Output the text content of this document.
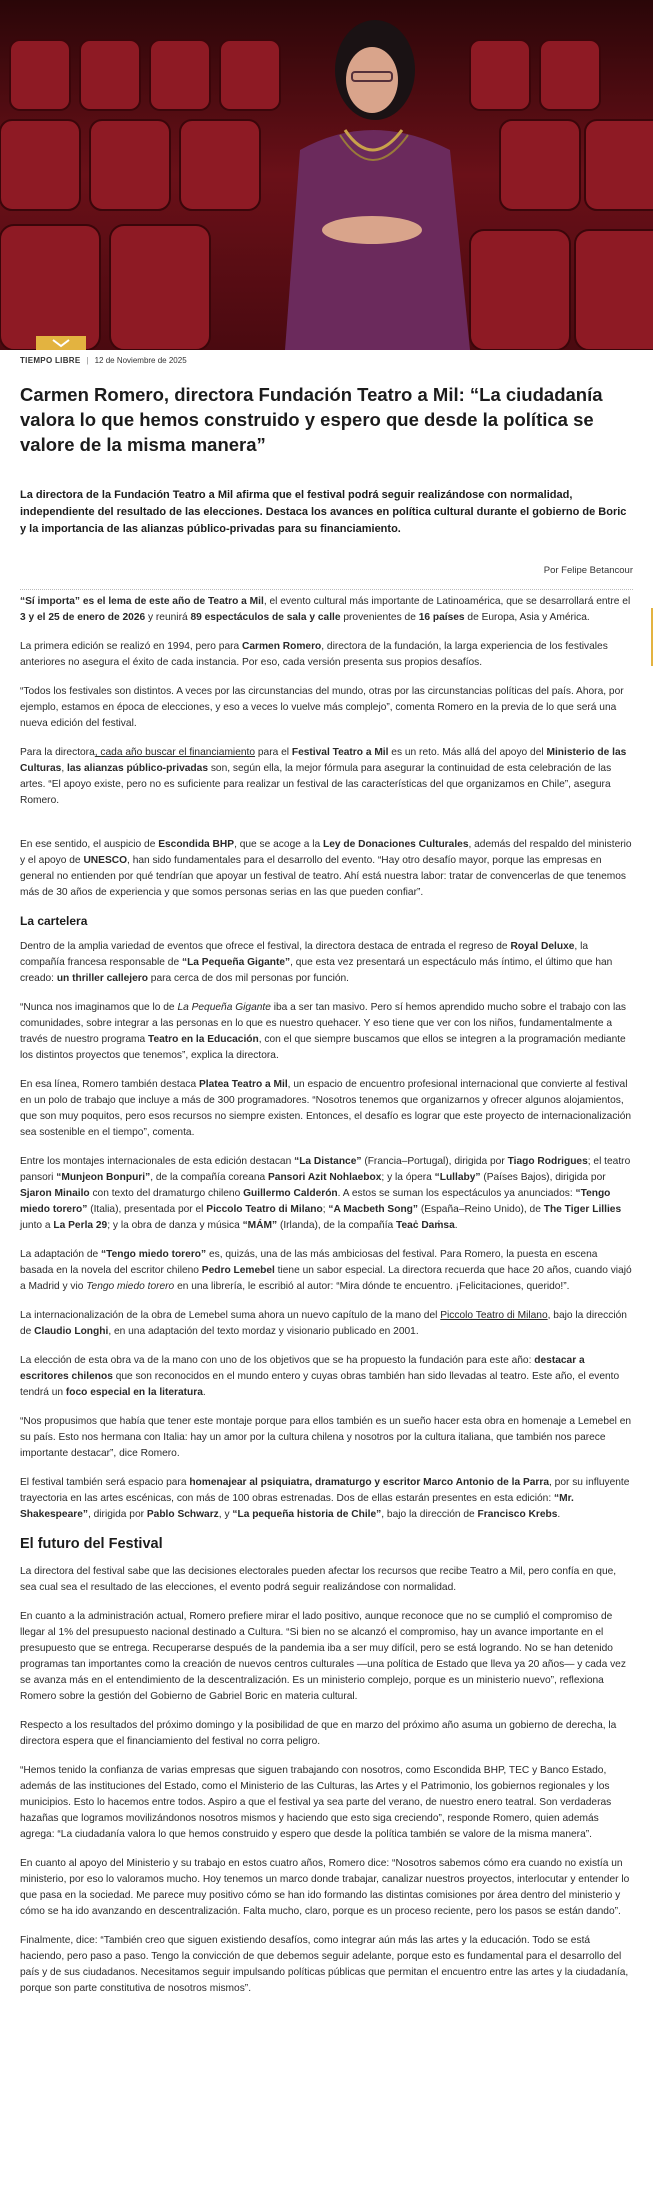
TIEMPO LIBRE | 12 de Noviembre de 2025
Carmen Romero, directora Fundación Teatro a Mil: “La ciudadanía valora lo que hemos construido y espero que desde la política se valore de la misma manera”

La directora de la Fundación Teatro a Mil afirma que el festival podrá seguir realizándose con normalidad, independiente del resultado de las elecciones. Destaca los avances en política cultural durante el gobierno de Boric y la importancia de las alianzas público-privadas para su financiamiento.

Por Felipe Betancour

“Sí importa” es el lema de este año de Teatro a Mil, el evento cultural más importante de Latinoamérica, que se desarrollará entre el 3 y el 25 de enero de 2026 y reunirá 89 espectáculos de sala y calle provenientes de 16 países de Europa, Asia y América.

La primera edición se realizó en 1994, pero para Carmen Romero, directora de la fundación, la larga experiencia de los festivales anteriores no asegura el éxito de cada instancia. Por eso, cada versión presenta sus propios desafíos.

“Todos los festivales son distintos. A veces por las circunstancias del mundo, otras por las circunstancias políticas del país. Ahora, por ejemplo, estamos en época de elecciones, y eso a veces lo vuelve más complejo”, comenta Romero en la previa de lo que será una nueva edición del festival.

Para la directora, cada año buscar el financiamiento para el Festival Teatro a Mil es un reto. Más allá del apoyo del Ministerio de las Culturas, las alianzas público-privadas son, según ella, la mejor fórmula para asegurar la continuidad de esta celebración de las artes. “El apoyo existe, pero no es suficiente para realizar un festival de las características del que organizamos en Chile”, asegura Romero.

En ese sentido, el auspicio de Escondida BHP, que se acoge a la Ley de Donaciones Culturales, además del respaldo del ministerio y el apoyo de UNESCO, han sido fundamentales para el desarrollo del evento. “Hay otro desafío mayor, porque las empresas en general no entienden por qué tendrían que apoyar un festival de teatro. Ahí está nuestra labor: tratar de convencerlas de que tenemos más de 30 años de experiencia y que somos personas serias en las que pueden confiar”.

La cartelera

Dentro de la amplia variedad de eventos que ofrece el festival, la directora destaca de entrada el regreso de Royal Deluxe, la compañía francesa responsable de “La Pequeña Gigante”, que esta vez presentará un espectáculo más íntimo, el último que han creado: un thriller callejero para cerca de dos mil personas por función.

“Nunca nos imaginamos que lo de La Pequeña Gigante iba a ser tan masivo. Pero sí hemos aprendido mucho sobre el trabajo con las comunidades, sobre integrar a las personas en lo que es nuestro quehacer. Y eso tiene que ver con los niños, fundamentalmente a través de nuestro programa Teatro en la Educación, con el que siempre buscamos que ellos se integren a la programación mediante los distintos proyectos que tenemos”, explica la directora.

En esa línea, Romero también destaca Platea Teatro a Mil, un espacio de encuentro profesional internacional que convierte al festival en un polo de trabajo que incluye a más de 300 programadores. “Nosotros tenemos que organizarnos y ofrecer algunos alojamientos, que son muy poquitos, pero esos recursos no siempre existen. Entonces, el desafío es lograr que este proyecto de internacionalización sea sostenible en el tiempo”, comenta.

Entre los montajes internacionales de esta edición destacan “La Distance” (Francia–Portugal), dirigida por Tiago Rodrigues; el teatro pansori “Munjeon Bonpuri”, de la compañía coreana Pansori Azit Nohlaebox; y la ópera “Lullaby” (Países Bajos), dirigida por Sjaron Minailo con texto del dramaturgo chileno Guillermo Calderón. A estos se suman los espectáculos ya anunciados: “Tengo miedo torero” (Italia), presentada por el Piccolo Teatro di Milano; “A Macbeth Song” (España–Reino Unido), de The Tiger Lillies junto a La Perla 29; y la obra de danza y música “MÁM” (Irlanda), de la compañía Teaċ Daṁsa.

La adaptación de “Tengo miedo torero” es, quizás, una de las más ambiciosas del festival. Para Romero, la puesta en escena basada en la novela del escritor chileno Pedro Lemebel tiene un sabor especial. La directora recuerda que hace 20 años, cuando viajó a Madrid y vio Tengo miedo torero en una librería, le escribió al autor: “Mira dónde te encuentro. ¡Felicitaciones, querido!”.

La internacionalización de la obra de Lemebel suma ahora un nuevo capítulo de la mano del Piccolo Teatro di Milano, bajo la dirección de Claudio Longhi, en una adaptación del texto mordaz y visionario publicado en 2001.

La elección de esta obra va de la mano con uno de los objetivos que se ha propuesto la fundación para este año: destacar a escritores chilenos que son reconocidos en el mundo entero y cuyas obras también han sido llevadas al teatro. Este año, el evento tendrá un foco especial en la literatura.

“Nos propusimos que había que tener este montaje porque para ellos también es un sueño hacer esta obra en homenaje a Lemebel en su país. Esto nos hermana con Italia: hay un amor por la cultura chilena y nosotros por la cultura italiana, que también nos parece importante destacar”, dice Romero.

El festival también será espacio para homenajear al psiquiatra, dramaturgo y escritor Marco Antonio de la Parra, por su influyente trayectoria en las artes escénicas, con más de 100 obras estrenadas. Dos de ellas estarán presentes en esta edición: “Mr. Shakespeare”, dirigida por Pablo Schwarz, y “La pequeña historia de Chile”, bajo la dirección de Francisco Krebs.

El futuro del Festival

La directora del festival sabe que las decisiones electorales pueden afectar los recursos que recibe Teatro a Mil, pero confía en que, sea cual sea el resultado de las elecciones, el evento podrá seguir realizándose con normalidad.

En cuanto a la administración actual, Romero prefiere mirar el lado positivo, aunque reconoce que no se cumplió el compromiso de llegar al 1% del presupuesto nacional destinado a Cultura. “Si bien no se alcanzó el compromiso, hay un avance importante en el presupuesto que se entrega. Recuperarse después de la pandemia iba a ser muy difícil, pero se está logrando. No se han detenido programas tan importantes como la creación de nuevos centros culturales —una política de Estado que lleva ya 20 años— y cada vez se avanza más en el entendimiento de la descentralización. Es un ministerio complejo, porque es un ministerio nuevo”, reflexiona Romero sobre la gestión del Gobierno de Gabriel Boric en materia cultural.

Respecto a los resultados del próximo domingo y la posibilidad de que en marzo del próximo año asuma un gobierno de derecha, la directora espera que el financiamiento del festival no corra peligro.

“Hemos tenido la confianza de varias empresas que siguen trabajando con nosotros, como Escondida BHP, TEC y Banco Estado, además de las instituciones del Estado, como el Ministerio de las Culturas, las Artes y el Patrimonio, los gobiernos regionales y los municipios. Esto lo hacemos entre todos. Aspiro a que el festival ya sea parte del verano, de nuestro enero teatral. Son verdaderas hazañas que logramos movilizándonos nosotros mismos y haciendo que esto siga creciendo”, responde Romero, quien además agrega: “La ciudadanía valora lo que hemos construido y espero que desde la política también se valore de la misma manera”.

En cuanto al apoyo del Ministerio y su trabajo en estos cuatro años, Romero dice: “Nosotros sabemos cómo era cuando no existía un ministerio, por eso lo valoramos mucho. Hoy tenemos un marco donde trabajar, canalizar nuestros proyectos, interlocutar y entender lo que pasa en la sociedad. Me parece muy positivo cómo se han ido formando las distintas comisiones por área dentro del ministerio y cómo se ha ido avanzando en descentralización. Falta mucho, claro, porque es un proceso reciente, pero los pasos se están dando”.

Finalmente, dice: “También creo que siguen existiendo desafíos, como integrar aún más las artes y la educación. Todo se está haciendo, pero paso a paso. Tengo la convicción de que debemos seguir adelante, porque esto es fundamental para el desarrollo del país y de sus ciudadanos. Necesitamos seguir impulsando políticas públicas que permitan el encuentro entre las artes y la ciudadanía, porque son parte constitutiva de nosotros mismos”.
